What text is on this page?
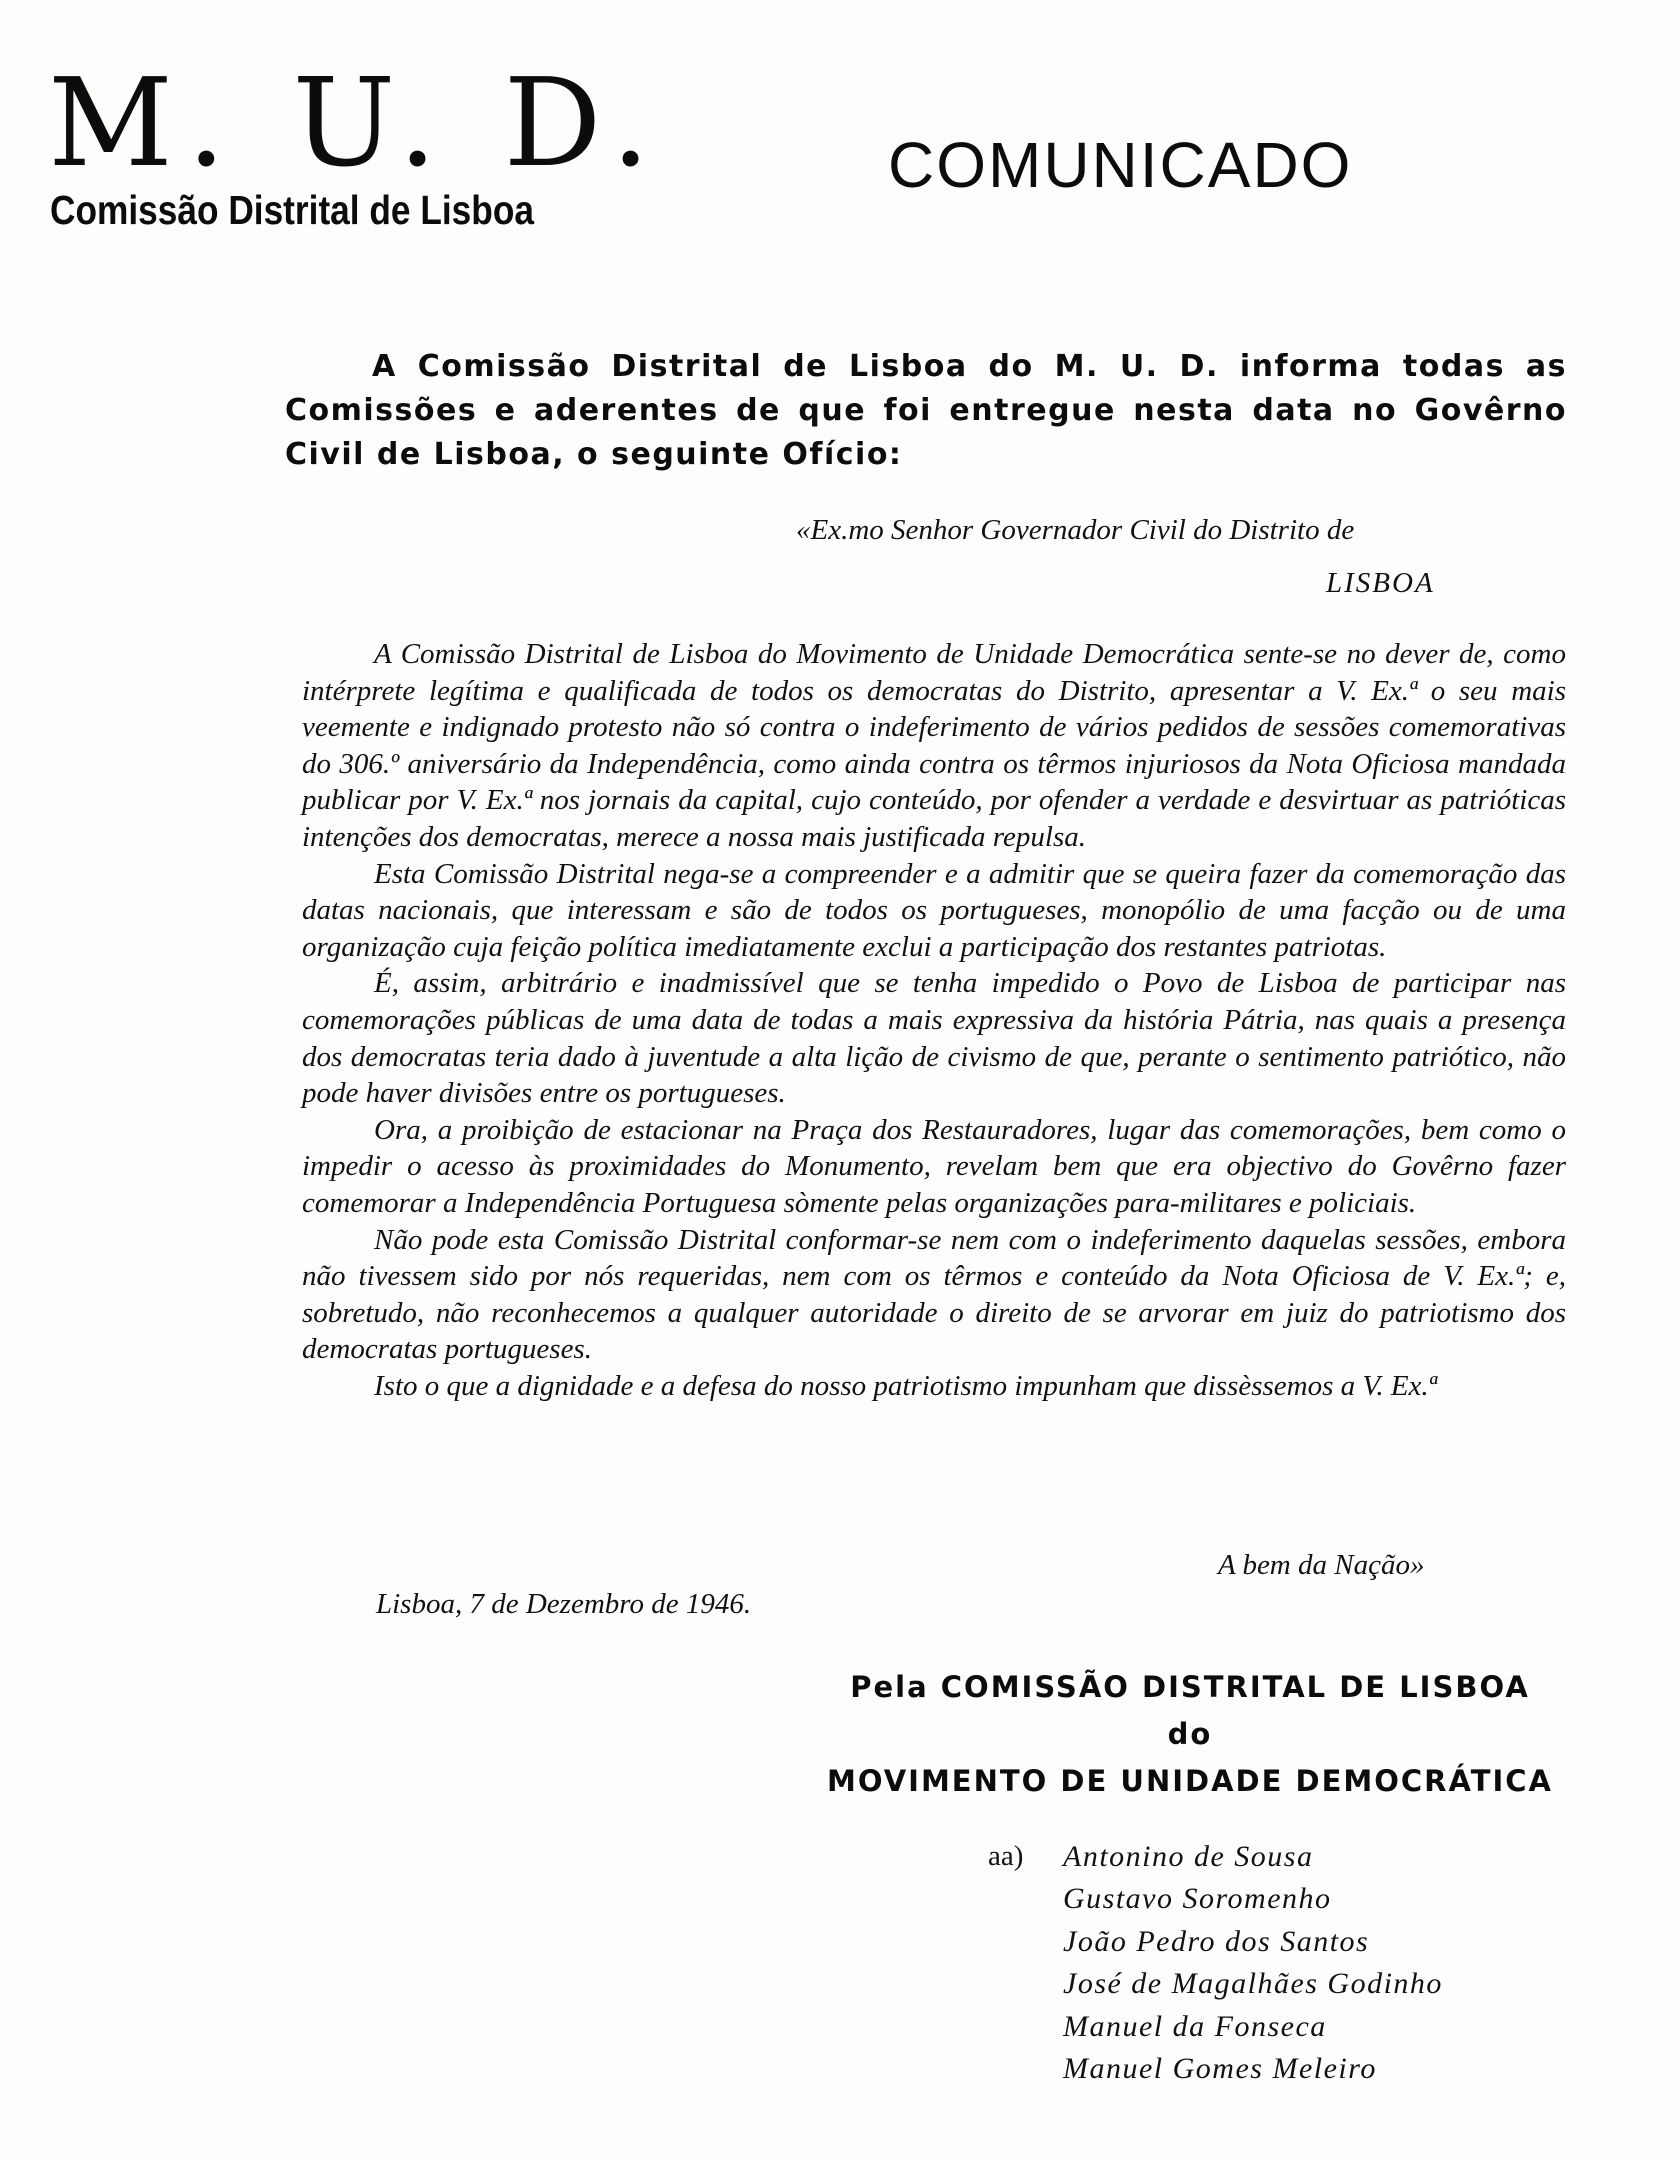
M. U. D.
Comissão Distrital de Lisboa
COMUNICADO

A Comissão Distrital de Lisboa do M. U. D. informa todas as Comissões e aderentes de que foi entregue nesta data no Govêrno Civil de Lisboa, o seguinte Ofício:

«Ex.mo Senhor Governador Civil do Distrito de
LISBOA

A Comissão Distrital de Lisboa do Movimento de Unidade Democrática sente-se no dever de, como intérprete legítima e qualificada de todos os democratas do Distrito, apresentar a V. Ex.ª o seu mais veemente e indignado protesto não só contra o indeferimento de vários pedidos de sessões comemorativas do 306.º aniversário da Independência, como ainda contra os têrmos injuriosos da Nota Oficiosa mandada publicar por V. Ex.ª nos jornais da capital, cujo conteúdo, por ofender a verdade e desvirtuar as patrióticas intenções dos democratas, merece a nossa mais justificada repulsa.

Esta Comissão Distrital nega-se a compreender e a admitir que se queira fazer da comemoração das datas nacionais, que interessam e são de todos os portugueses, monopólio de uma facção ou de uma organização cuja feição política imediatamente exclui a participação dos restantes patriotas.

É, assim, arbitrário e inadmissível que se tenha impedido o Povo de Lisboa de participar nas comemorações públicas de uma data de todas a mais expressiva da história Pátria, nas quais a presença dos democratas teria dado à juventude a alta lição de civismo de que, perante o sentimento patriótico, não pode haver divisões entre os portugueses.

Ora, a proibição de estacionar na Praça dos Restauradores, lugar das comemorações, bem como o impedir o acesso às proximidades do Monumento, revelam bem que era objectivo do Govêrno fazer comemorar a Independência Portuguesa sòmente pelas organizações para-militares e policiais.

Não pode esta Comissão Distrital conformar-se nem com o indeferimento daquelas sessões, embora não tivessem sido por nós requeridas, nem com os têrmos e conteúdo da Nota Oficiosa de V. Ex.ª; e, sobretudo, não reconhecemos a qualquer autoridade o direito de se arvorar em juiz do patriotismo dos democratas portugueses.

Isto o que a dignidade e a defesa do nosso patriotismo impunham que dissèssemos a V. Ex.ª

A bem da Nação»
Lisboa, 7 de Dezembro de 1946.
Pela COMISSÃO DISTRITAL DE LISBOA
do
MOVIMENTO DE UNIDADE DEMOCRÁTICA
aa) Antonino de Sousa
Gustavo Soromenho
João Pedro dos Santos
José de Magalhães Godinho
Manuel da Fonseca
Manuel Gomes Meleiro
